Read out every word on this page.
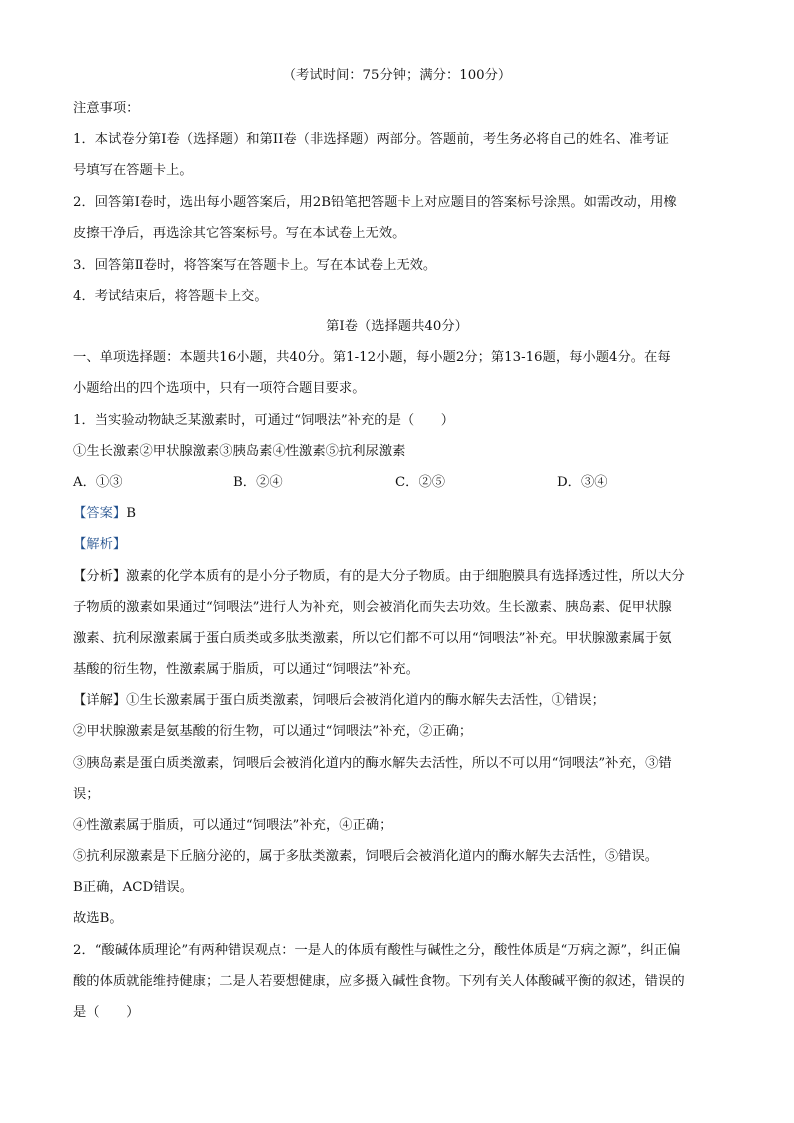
（考试时间：75分钟；满分：100分）
注意事项：
1．本试卷分第Ⅰ卷（选择题）和第II卷（非选择题）两部分。答题前，考生务必将自己的姓名、准考证
号填写在答题卡上。
2．回答第Ⅰ卷时，选出每小题答案后，用2B铅笔把答题卡上对应题目的答案标号涂黑。如需改动，用橡
皮擦干净后，再选涂其它答案标号。写在本试卷上无效。
3．回答第Ⅱ卷时，将答案写在答题卡上。写在本试卷上无效。
4．考试结束后，将答题卡上交。
第Ⅰ卷（选择题共40分）
一、单项选择题：本题共16小题，共40分。第1-12小题，每小题2分；第13-16题，每小题4分。在每
小题给出的四个选项中，只有一项符合题目要求。
1．当实验动物缺乏某激素时，可通过“饲喂法”补充的是（　　）
①生长激素②甲状腺激素③胰岛素④性激素⑤抗利尿激素
A．①③	B．②④	C．②⑤	D．③④
【答案】B
【解析】
【分析】激素的化学本质有的是小分子物质，有的是大分子物质。由于细胞膜具有选择透过性，所以大分
子物质的激素如果通过“饲喂法”进行人为补充，则会被消化而失去功效。生长激素、胰岛素、促甲状腺
激素、抗利尿激素属于蛋白质类或多肽类激素，所以它们都不可以用“饲喂法”补充。甲状腺激素属于氨
基酸的衍生物，性激素属于脂质，可以通过“饲喂法”补充。
【详解】①生长激素属于蛋白质类激素，饲喂后会被消化道内的酶水解失去活性，①错误；
②甲状腺激素是氨基酸的衍生物，可以通过“饲喂法”补充，②正确；
③胰岛素是蛋白质类激素，饲喂后会被消化道内的酶水解失去活性，所以不可以用“饲喂法”补充，③错
误；
④性激素属于脂质，可以通过“饲喂法”补充，④正确；
⑤抗利尿激素是下丘脑分泌的，属于多肽类激素，饲喂后会被消化道内的酶水解失去活性，⑤错误。
B正确，ACD错误。
故选B。
2．“酸碱体质理论”有两种错误观点：一是人的体质有酸性与碱性之分，酸性体质是“万病之源”，纠正偏
酸的体质就能维持健康；二是人若要想健康，应多摄入碱性食物。下列有关人体酸碱平衡的叙述，错误的
是（　　）
